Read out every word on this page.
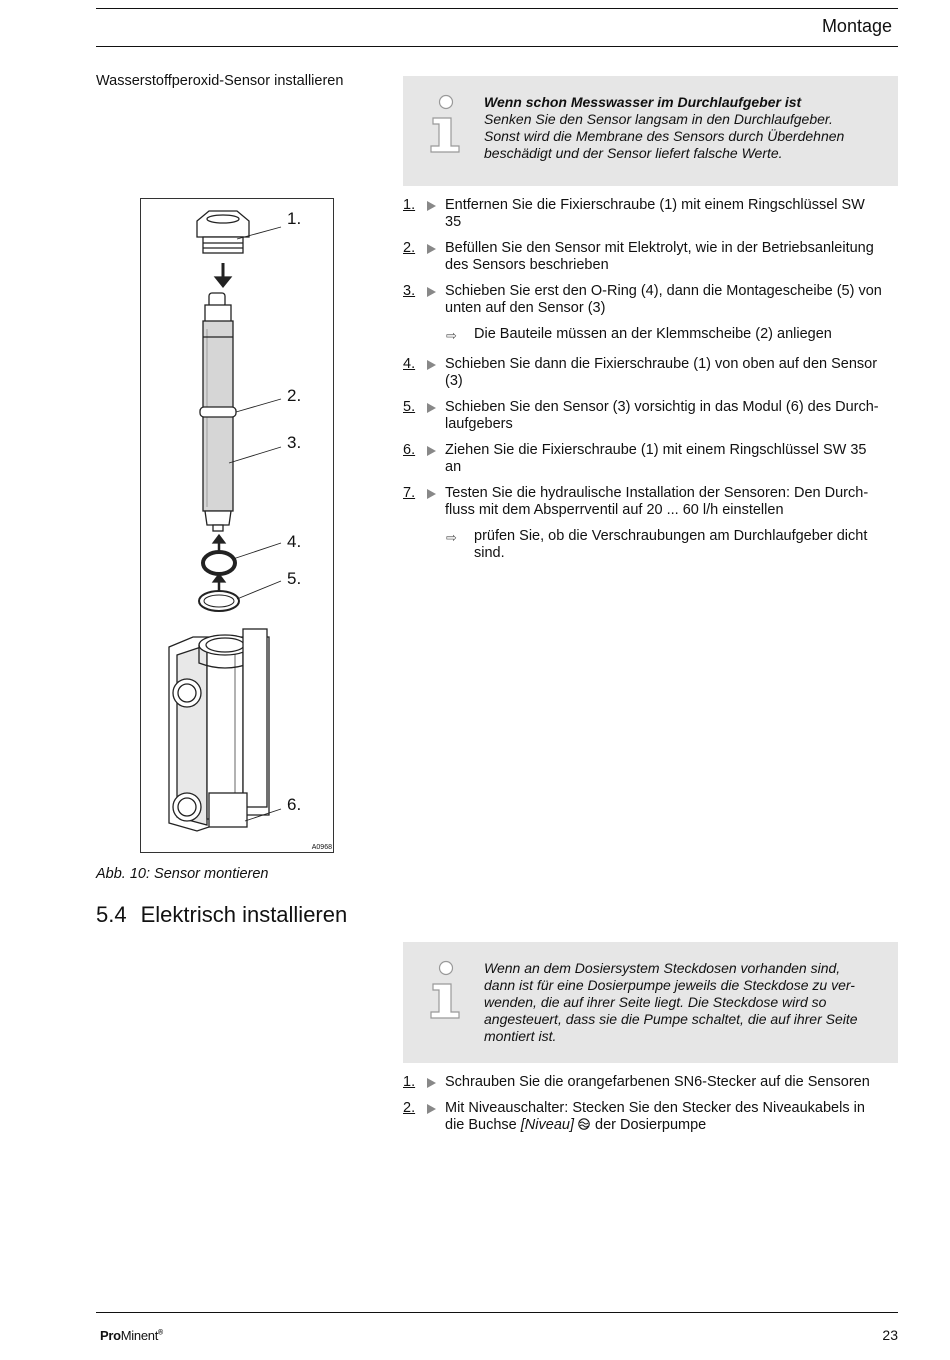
Montage
Wasserstoffperoxid-Sensor installieren
Wenn schon Messwasser im Durchlaufgeber ist
Senken Sie den Sensor langsam in den Durchlaufgeber.
Sonst wird die Membrane des Sensors durch Überdehnen
beschädigt und der Sensor liefert falsche Werte.
1. Entfernen Sie die Fixierschraube (1) mit einem Ringschlüssel SW
35
2. Befüllen Sie den Sensor mit Elektrolyt, wie in der Betriebsanleitung
des Sensors beschrieben
3. Schieben Sie erst den O-Ring (4), dann die Montagescheibe (5) von
unten auf den Sensor (3)
⇨ Die Bauteile müssen an der Klemmscheibe (2) anliegen
4. Schieben Sie dann die Fixierschraube (1) von oben auf den Sensor
(3)
5. Schieben Sie den Sensor (3) vorsichtig in das Modul (6) des Durch-
laufgebers
6. Ziehen Sie die Fixierschraube (1) mit einem Ringschlüssel SW 35
an
7. Testen Sie die hydraulische Installation der Sensoren: Den Durch-
fluss mit dem Absperrventil auf 20 ... 60 l/h einstellen
⇨ prüfen Sie, ob die Verschraubungen am Durchlaufgeber dicht
sind.
1.
2.
3.
4.
5.
6.
A0968
Abb. 10: Sensor montieren
5.4 Elektrisch installieren
Wenn an dem Dosiersystem Steckdosen vorhanden sind,
dann ist für eine Dosierpumpe jeweils die Steckdose zu ver-
wenden, die auf ihrer Seite liegt. Die Steckdose wird so
angesteuert, dass sie die Pumpe schaltet, die auf ihrer Seite
montiert ist.
1. Schrauben Sie die orangefarbenen SN6-Stecker auf die Sensoren
2. Mit Niveauschalter: Stecken Sie den Stecker des Niveaukabels in
die Buchse [Niveau] der Dosierpumpe
ProMinent®	23
